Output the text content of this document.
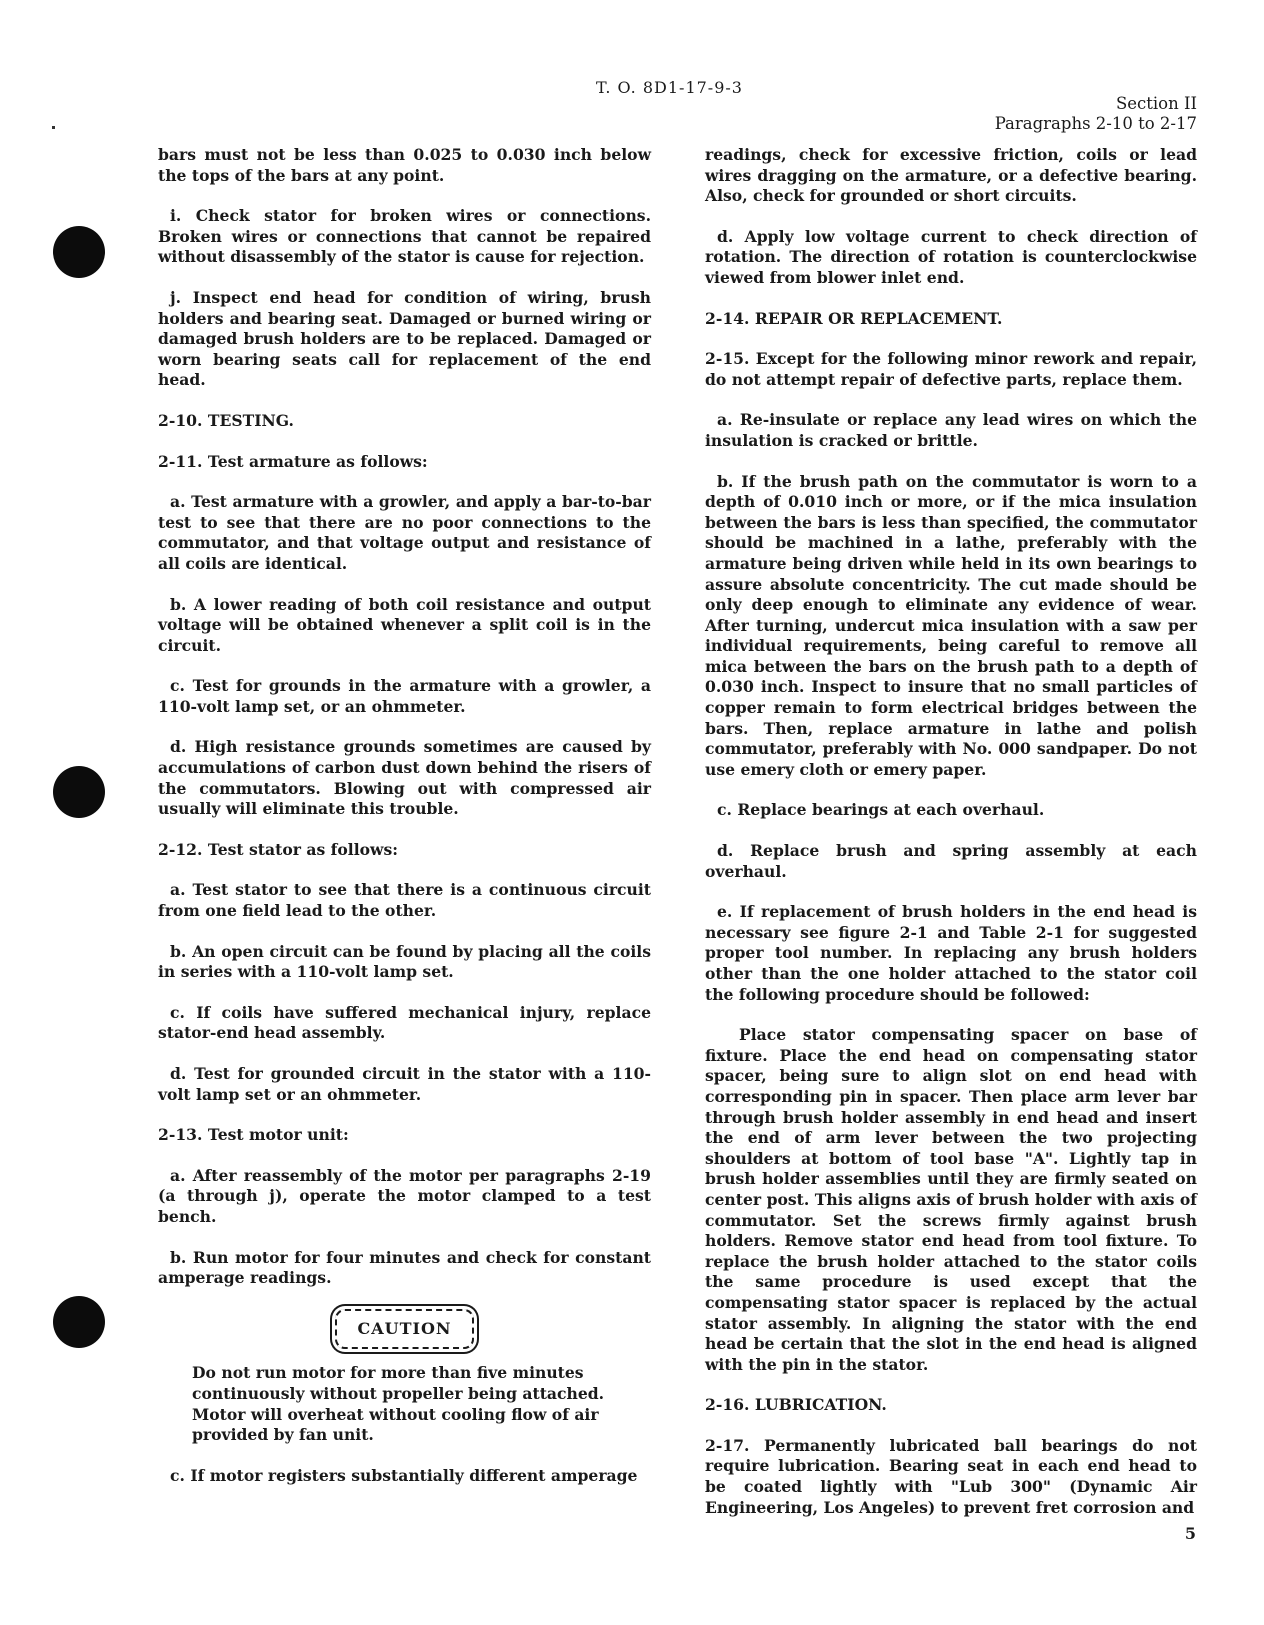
T. O. 8D1-17-9-3
Section II
Paragraphs 2-10 to 2-17

bars must not be less than 0.025 to 0.030 inch below the tops of the bars at any point.

i. Check stator for broken wires or connections. Broken wires or connections that cannot be repaired without disassembly of the stator is cause for rejection.

j. Inspect end head for condition of wiring, brush holders and bearing seat. Damaged or burned wiring or damaged brush holders are to be replaced. Damaged or worn bearing seats call for replacement of the end head.

2-10. TESTING.

2-11. Test armature as follows:

a. Test armature with a growler, and apply a bar-to-bar test to see that there are no poor connections to the commutator, and that voltage output and resistance of all coils are identical.

b. A lower reading of both coil resistance and output voltage will be obtained whenever a split coil is in the circuit.

c. Test for grounds in the armature with a growler, a 110-volt lamp set, or an ohmmeter.

d. High resistance grounds sometimes are caused by accumulations of carbon dust down behind the risers of the commutators. Blowing out with compressed air usually will eliminate this trouble.

2-12. Test stator as follows:

a. Test stator to see that there is a continuous circuit from one field lead to the other.

b. An open circuit can be found by placing all the coils in series with a 110-volt lamp set.

c. If coils have suffered mechanical injury, replace stator-end head assembly.

d. Test for grounded circuit in the stator with a 110-volt lamp set or an ohmmeter.

2-13. Test motor unit:

a. After reassembly of the motor per paragraphs 2-19 (a through j), operate the motor clamped to a test bench.

b. Run motor for four minutes and check for constant amperage readings.

CAUTION

Do not run motor for more than five minutes continuously without propeller being attached. Motor will overheat without cooling flow of air provided by fan unit.

c. If motor registers substantially different amperage

readings, check for excessive friction, coils or lead wires dragging on the armature, or a defective bearing. Also, check for grounded or short circuits.

d. Apply low voltage current to check direction of rotation. The direction of rotation is counterclockwise viewed from blower inlet end.

2-14. REPAIR OR REPLACEMENT.

2-15. Except for the following minor rework and repair, do not attempt repair of defective parts, replace them.

a. Re-insulate or replace any lead wires on which the insulation is cracked or brittle.

b. If the brush path on the commutator is worn to a depth of 0.010 inch or more, or if the mica insulation between the bars is less than specified, the commutator should be machined in a lathe, preferably with the armature being driven while held in its own bearings to assure absolute concentricity. The cut made should be only deep enough to eliminate any evidence of wear. After turning, undercut mica insulation with a saw per individual requirements, being careful to remove all mica between the bars on the brush path to a depth of 0.030 inch. Inspect to insure that no small particles of copper remain to form electrical bridges between the bars. Then, replace armature in lathe and polish commutator, preferably with No. 000 sandpaper. Do not use emery cloth or emery paper.

c. Replace bearings at each overhaul.

d. Replace brush and spring assembly at each overhaul.

e. If replacement of brush holders in the end head is necessary see figure 2-1 and Table 2-1 for suggested proper tool number. In replacing any brush holders other than the one holder attached to the stator coil the following procedure should be followed:

Place stator compensating spacer on base of fixture. Place the end head on compensating stator spacer, being sure to align slot on end head with corresponding pin in spacer. Then place arm lever bar through brush holder assembly in end head and insert the end of arm lever between the two projecting shoulders at bottom of tool base "A". Lightly tap in brush holder assemblies until they are firmly seated on center post. This aligns axis of brush holder with axis of commutator. Set the screws firmly against brush holders. Remove stator end head from tool fixture. To replace the brush holder attached to the stator coils the same procedure is used except that the compensating stator spacer is replaced by the actual stator assembly. In aligning the stator with the end head be certain that the slot in the end head is aligned with the pin in the stator.

2-16. LUBRICATION.

2-17. Permanently lubricated ball bearings do not require lubrication. Bearing seat in each end head to be coated lightly with "Lub 300" (Dynamic Air Engineering, Los Angeles) to prevent fret corrosion and

5
